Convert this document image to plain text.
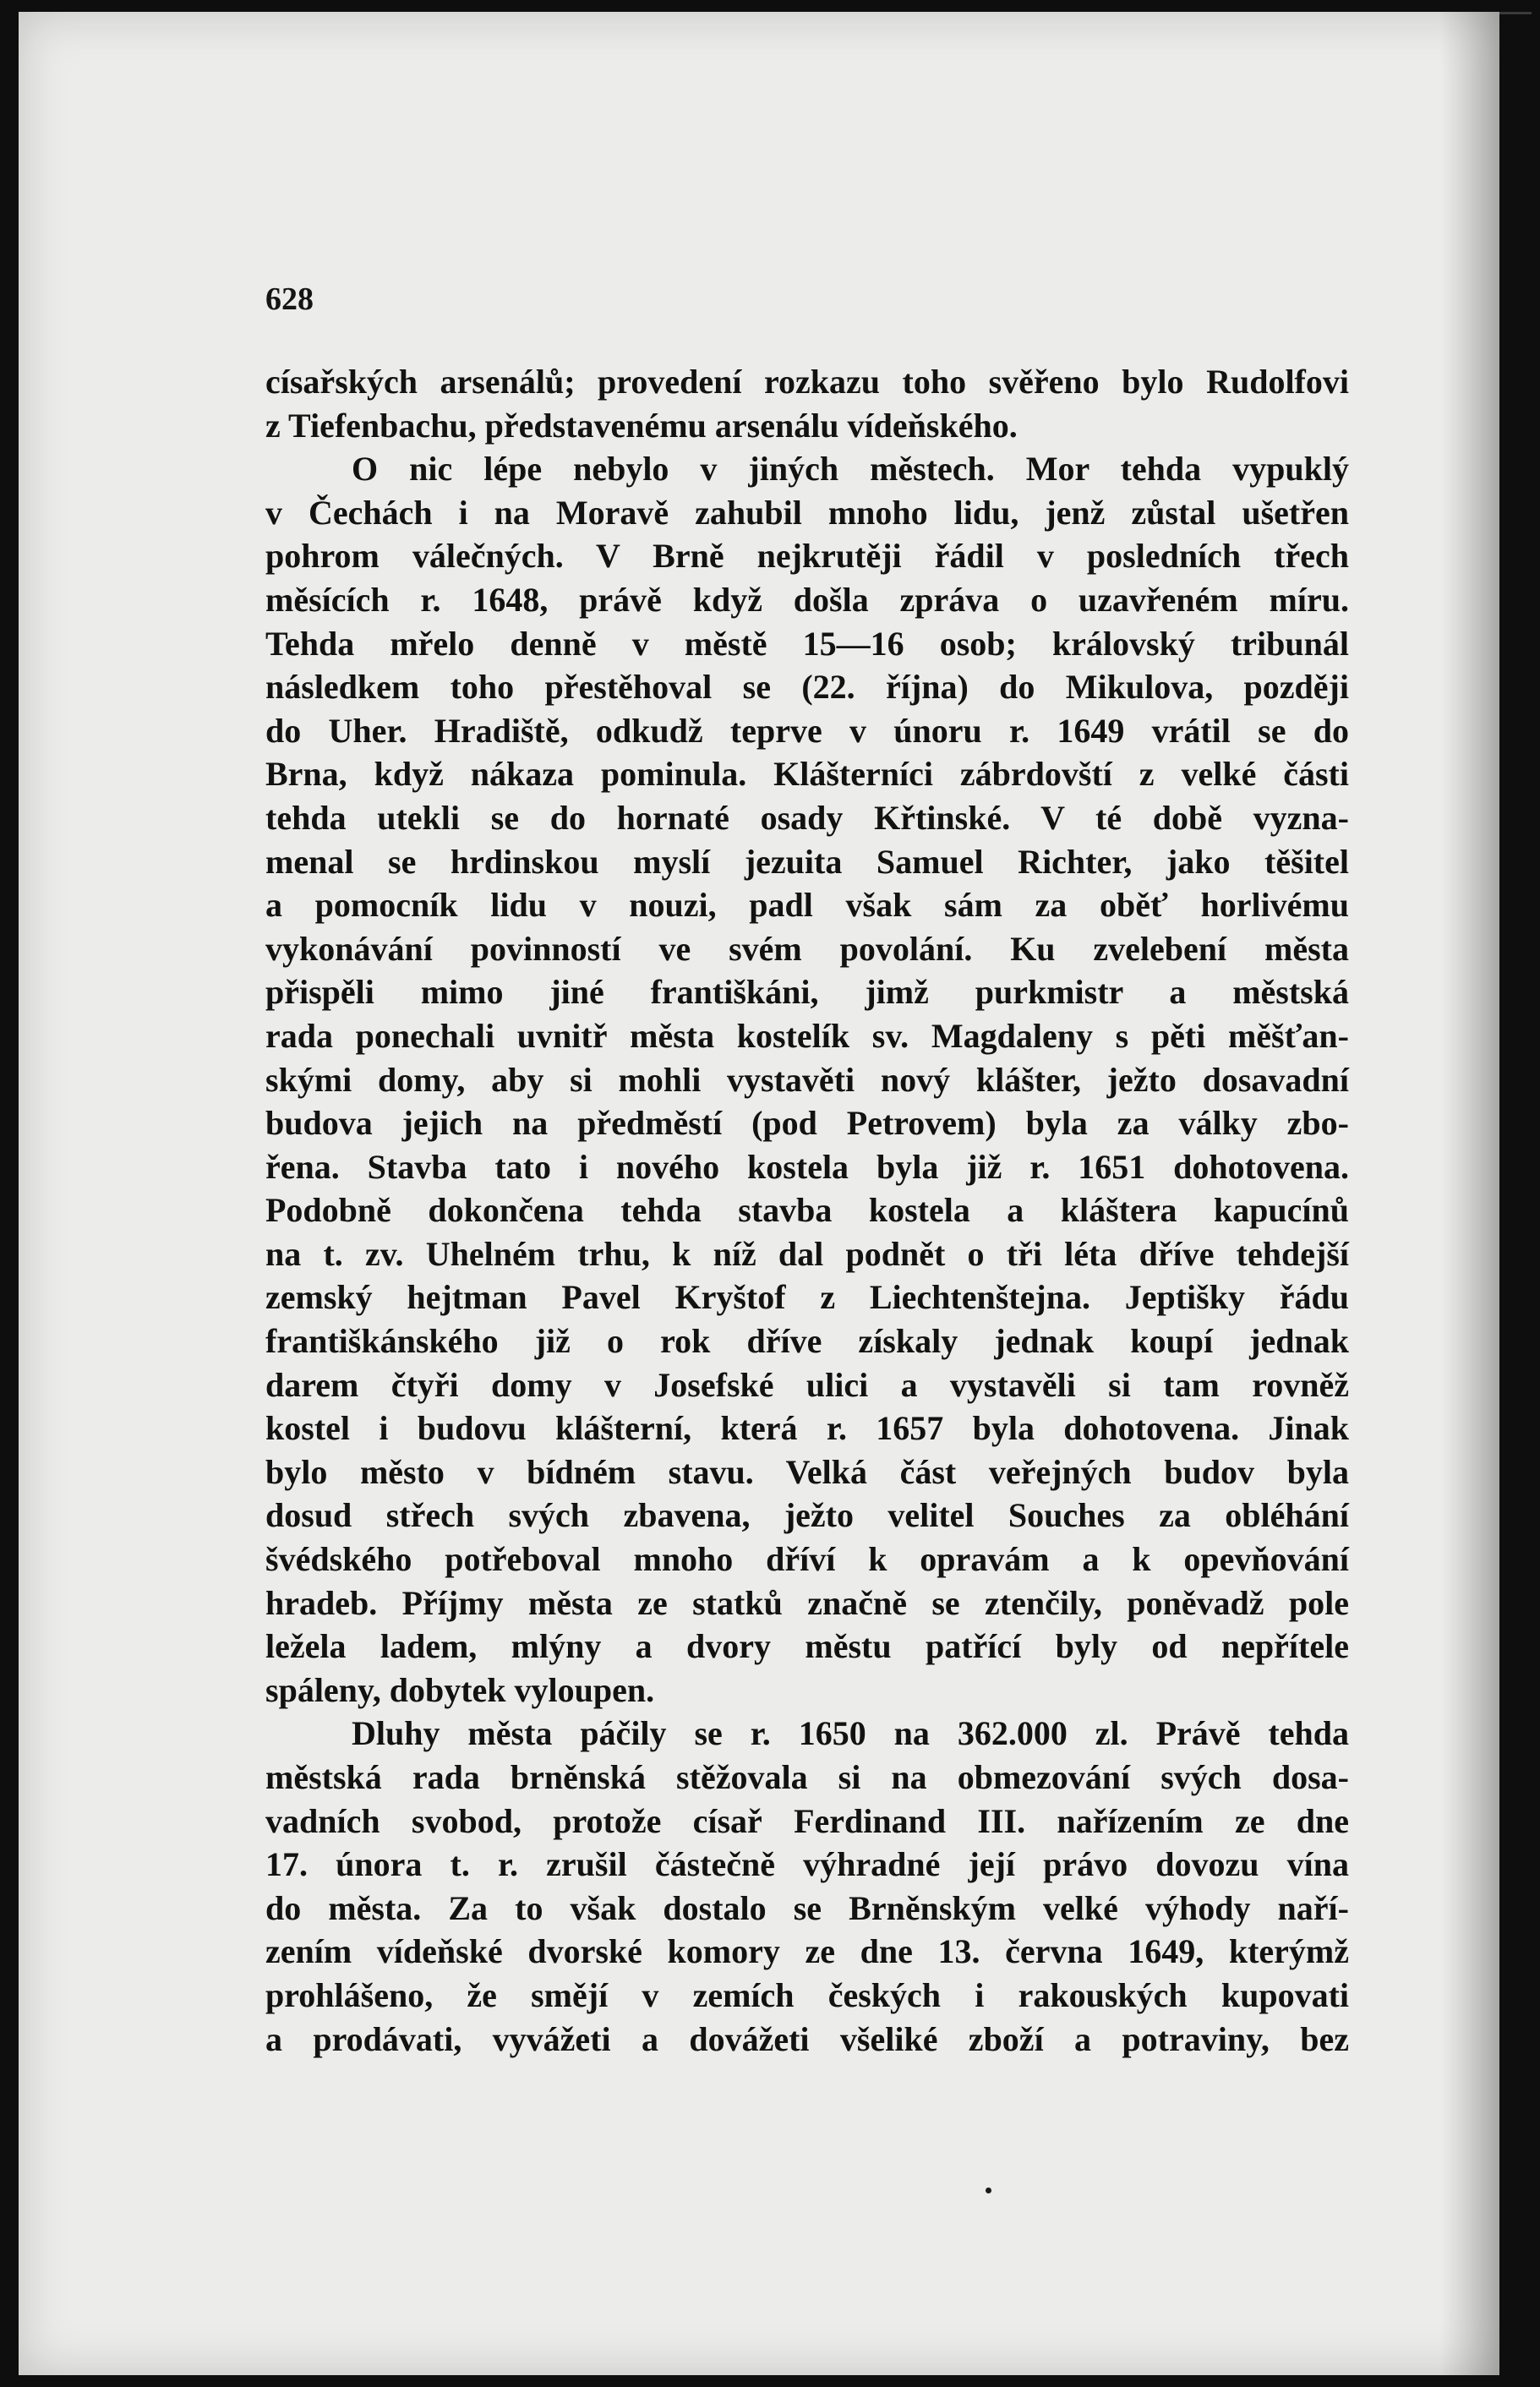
628

císařských arsenálů; provedení rozkazu toho svěřeno bylo Rudolfovi

z Tiefenbachu, představenému arsenálu vídeňského.

O nic lépe nebylo v jiných městech. Mor tehda vypuklý

v Čechách i na Moravě zahubil mnoho lidu, jenž zůstal ušetřen

pohrom válečných. V Brně nejkrutěji řádil v posledních třech

měsících r. 1648, právě když došla zpráva o uzavřeném míru.

Tehda mřelo denně v městě 15—16 osob; královský tribunál

následkem toho přestěhoval se (22. října) do Mikulova, později

do Uher. Hradiště, odkudž teprve v únoru r. 1649 vrátil se do

Brna, když nákaza pominula. Klášterníci zábrdovští z velké části

tehda utekli se do hornaté osady Křtinské. V té době vyzna-

menal se hrdinskou myslí jezuita Samuel Richter, jako těšitel

a pomocník lidu v nouzi, padl však sám za oběť horlivému

vykonávání povinností ve svém povolání. Ku zvelebení města

přispěli mimo jiné františkáni, jimž purkmistr a městská

rada ponechali uvnitř města kostelík sv. Magdaleny s pěti měšťan-

skými domy, aby si mohli vystavěti nový klášter, ježto dosavadní

budova jejich na předměstí (pod Petrovem) byla za války zbo-

řena. Stavba tato i nového kostela byla již r. 1651 dohotovena.

Podobně dokončena tehda stavba kostela a kláštera kapucínů

na t. zv. Uhelném trhu, k níž dal podnět o tři léta dříve tehdejší

zemský hejtman Pavel Kryštof z Liechtenštejna. Jeptišky řádu

františkánského již o rok dříve získaly jednak koupí jednak

darem čtyři domy v Josefské ulici a vystavěli si tam rovněž

kostel i budovu klášterní, která r. 1657 byla dohotovena. Jinak

bylo město v bídném stavu. Velká část veřejných budov byla

dosud střech svých zbavena, ježto velitel Souches za obléhání

švédského potřeboval mnoho dříví k opravám a k opevňování

hradeb. Příjmy města ze statků značně se ztenčily, poněvadž pole

ležela ladem, mlýny a dvory městu patřící byly od nepřítele

spáleny, dobytek vyloupen.

Dluhy města páčily se r. 1650 na 362.000 zl. Právě tehda

městská rada brněnská stěžovala si na obmezování svých dosa-

vadních svobod, protože císař Ferdinand III. nařízením ze dne

17. února t. r. zrušil částečně výhradné její právo dovozu vína

do města. Za to však dostalo se Brněnským velké výhody naří-

zením vídeňské dvorské komory ze dne 13. června 1649, kterýmž

prohlášeno, že smějí v zemích českých i rakouských kupovati

a prodávati, vyvážeti a dovážeti všeliké zboží a potraviny, bez
